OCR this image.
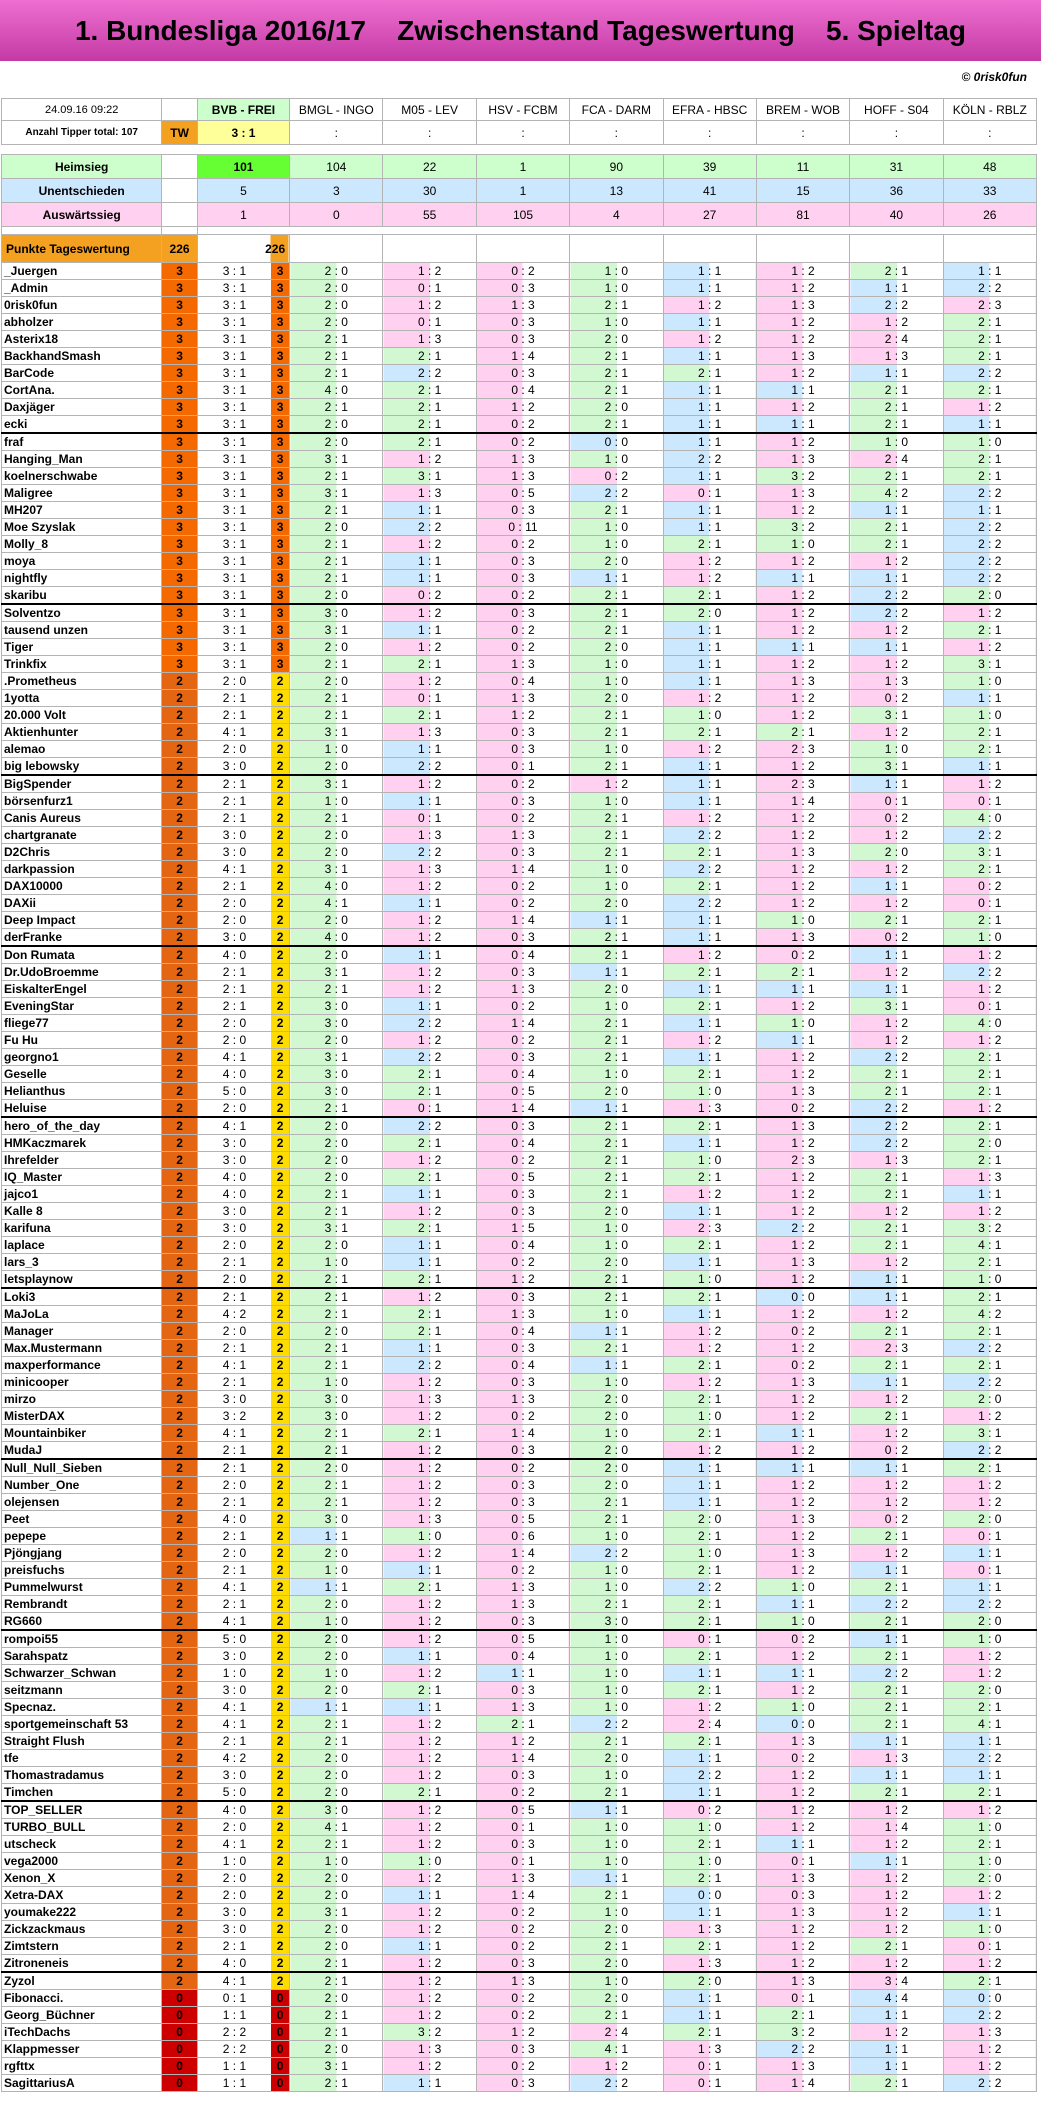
1. Bundesliga 2016/17    Zwischenstand Tageswertung    5. Spieltag
© 0risk0fun
24.09.16 09:22		BVB - FREI	BMGL - INGO	M05 - LEV	HSV - FCBM	FCA - DARM	EFRA - HBSC	BREM - WOB	HOFF - S04	KÖLN - RBLZ
Anzahl Tipper total: 107	TW	3 : 1	:	:	:	:	:	:	:	:

Heimsieg		101	104	22	1	90	39	11	31	48
Unentschieden		5	3	30	1	13	41	15	36	33
Auswärtssieg		1	0	55	105	4	27	81	40	26

Punkte Tageswertung	226	226								
_Juergen	3	3 : 1 3	2 : 0	1 : 2	0 : 2	1 : 0	1 : 1	1 : 2	2 : 1	1 : 1
_Admin	3	3 : 1 3	2 : 0	0 : 1	0 : 3	1 : 0	1 : 1	1 : 2	1 : 1	2 : 2
0risk0fun	3	3 : 1 3	2 : 0	1 : 2	1 : 3	2 : 1	1 : 2	1 : 3	2 : 2	2 : 3
abholzer	3	3 : 1 3	2 : 0	0 : 1	0 : 3	1 : 0	1 : 1	1 : 2	1 : 2	2 : 1
Asterix18	3	3 : 1 3	2 : 1	1 : 3	0 : 3	2 : 0	1 : 2	1 : 2	2 : 4	2 : 1
BackhandSmash	3	3 : 1 3	2 : 1	2 : 1	1 : 4	2 : 1	1 : 1	1 : 3	1 : 3	2 : 1
BarCode	3	3 : 1 3	2 : 1	2 : 2	0 : 3	2 : 1	2 : 1	1 : 2	1 : 1	2 : 2
CortAna.	3	3 : 1 3	4 : 0	2 : 1	0 : 4	2 : 1	1 : 1	1 : 1	2 : 1	2 : 1
Daxjäger	3	3 : 1 3	2 : 1	2 : 1	1 : 2	2 : 0	1 : 1	1 : 2	2 : 1	1 : 2
ecki	3	3 : 1 3	2 : 0	2 : 1	0 : 2	2 : 1	1 : 1	1 : 1	2 : 1	1 : 1
fraf	3	3 : 1 3	2 : 0	2 : 1	0 : 2	0 : 0	1 : 1	1 : 2	1 : 0	1 : 0
Hanging_Man	3	3 : 1 3	3 : 1	1 : 2	1 : 3	1 : 0	2 : 2	1 : 3	2 : 4	2 : 1
koelnerschwabe	3	3 : 1 3	2 : 1	3 : 1	1 : 3	0 : 2	1 : 1	3 : 2	2 : 1	2 : 1
Maligree	3	3 : 1 3	3 : 1	1 : 3	0 : 5	2 : 2	0 : 1	1 : 3	4 : 2	2 : 2
MH207	3	3 : 1 3	2 : 1	1 : 1	0 : 3	2 : 1	1 : 1	1 : 2	1 : 1	1 : 1
Moe Szyslak	3	3 : 1 3	2 : 0	2 : 2	0 : 11	1 : 0	1 : 1	3 : 2	2 : 1	2 : 2
Molly_8	3	3 : 1 3	2 : 1	1 : 2	0 : 2	1 : 0	2 : 1	1 : 0	2 : 1	2 : 2
moya	3	3 : 1 3	2 : 1	1 : 1	0 : 3	2 : 0	1 : 2	1 : 2	1 : 2	2 : 2
nightfly	3	3 : 1 3	2 : 1	1 : 1	0 : 3	1 : 1	1 : 2	1 : 1	1 : 1	2 : 2
skaribu	3	3 : 1 3	2 : 0	0 : 2	0 : 2	2 : 1	2 : 1	1 : 2	2 : 2	2 : 0
Solventzo	3	3 : 1 3	3 : 0	1 : 2	0 : 3	2 : 1	2 : 0	1 : 2	2 : 2	1 : 2
tausend unzen	3	3 : 1 3	3 : 1	1 : 1	0 : 2	2 : 1	1 : 1	1 : 2	1 : 2	2 : 1
Tiger	3	3 : 1 3	2 : 0	1 : 2	0 : 2	2 : 0	1 : 1	1 : 1	1 : 1	1 : 2
Trinkfix	3	3 : 1 3	2 : 1	2 : 1	1 : 3	1 : 0	1 : 1	1 : 2	1 : 2	3 : 1
.Prometheus	2	2 : 0 2	2 : 0	1 : 2	0 : 4	1 : 0	1 : 1	1 : 3	1 : 3	1 : 0
1yotta	2	2 : 1 2	2 : 1	0 : 1	1 : 3	2 : 0	1 : 2	1 : 2	0 : 2	1 : 1
20.000 Volt	2	2 : 1 2	2 : 1	2 : 1	1 : 2	2 : 1	1 : 0	1 : 2	3 : 1	1 : 0
Aktienhunter	2	4 : 1 2	3 : 1	1 : 3	0 : 3	2 : 1	2 : 1	2 : 1	1 : 2	2 : 1
alemao	2	2 : 0 2	1 : 0	1 : 1	0 : 3	1 : 0	1 : 2	2 : 3	1 : 0	2 : 1
big lebowsky	2	3 : 0 2	2 : 0	2 : 2	0 : 1	2 : 1	1 : 1	1 : 2	3 : 1	1 : 1
BigSpender	2	2 : 1 2	3 : 1	1 : 2	0 : 2	1 : 2	1 : 1	2 : 3	1 : 1	1 : 2
börsenfurz1	2	2 : 1 2	1 : 0	1 : 1	0 : 3	1 : 0	1 : 1	1 : 4	0 : 1	0 : 1
Canis Aureus	2	2 : 1 2	2 : 1	0 : 1	0 : 2	2 : 1	1 : 2	1 : 2	0 : 2	4 : 0
chartgranate	2	3 : 0 2	2 : 0	1 : 3	1 : 3	2 : 1	2 : 2	1 : 2	1 : 2	2 : 2
D2Chris	2	3 : 0 2	2 : 0	2 : 2	0 : 3	2 : 1	2 : 1	1 : 3	2 : 0	3 : 1
darkpassion	2	4 : 1 2	3 : 1	1 : 3	1 : 4	1 : 0	2 : 2	1 : 2	1 : 2	2 : 1
DAX10000	2	2 : 1 2	4 : 0	1 : 2	0 : 2	1 : 0	2 : 1	1 : 2	1 : 1	0 : 2
DAXii	2	2 : 0 2	4 : 1	1 : 1	0 : 2	2 : 0	2 : 2	1 : 2	1 : 2	0 : 1
Deep Impact	2	2 : 0 2	2 : 0	1 : 2	1 : 4	1 : 1	1 : 1	1 : 0	2 : 1	2 : 1
derFranke	2	3 : 0 2	4 : 0	1 : 2	0 : 3	2 : 1	1 : 1	1 : 3	0 : 2	1 : 0
Don Rumata	2	4 : 0 2	2 : 0	1 : 1	0 : 4	2 : 1	1 : 2	0 : 2	1 : 1	1 : 2
Dr.UdoBroemme	2	2 : 1 2	3 : 1	1 : 2	0 : 3	1 : 1	2 : 1	2 : 1	1 : 2	2 : 2
EiskalterEngel	2	2 : 1 2	2 : 1	1 : 2	1 : 3	2 : 0	1 : 1	1 : 1	1 : 1	1 : 2
EveningStar	2	2 : 1 2	3 : 0	1 : 1	0 : 2	1 : 0	2 : 1	1 : 2	3 : 1	0 : 1
fliege77	2	2 : 0 2	3 : 0	2 : 2	1 : 4	2 : 1	1 : 1	1 : 0	1 : 2	4 : 0
Fu Hu	2	2 : 0 2	2 : 0	1 : 2	0 : 2	2 : 1	1 : 2	1 : 1	1 : 2	1 : 2
georgno1	2	4 : 1 2	3 : 1	2 : 2	0 : 3	2 : 1	1 : 1	1 : 2	2 : 2	2 : 1
Geselle	2	4 : 0 2	3 : 0	2 : 1	0 : 4	1 : 0	2 : 1	1 : 2	2 : 1	2 : 1
Helianthus	2	5 : 0 2	3 : 0	2 : 1	0 : 5	2 : 0	1 : 0	1 : 3	2 : 1	2 : 1
Heluise	2	2 : 0 2	2 : 1	0 : 1	1 : 4	1 : 1	1 : 3	0 : 2	2 : 2	1 : 2
hero_of_the_day	2	4 : 1 2	2 : 0	2 : 2	0 : 3	2 : 1	2 : 1	1 : 3	2 : 2	2 : 1
HMKaczmarek	2	3 : 0 2	2 : 0	2 : 1	0 : 4	2 : 1	1 : 1	1 : 2	2 : 2	2 : 0
Ihrefelder	2	3 : 0 2	2 : 0	1 : 2	0 : 2	2 : 1	1 : 0	2 : 3	1 : 3	2 : 1
IQ_Master	2	4 : 0 2	2 : 0	2 : 1	0 : 5	2 : 1	2 : 1	1 : 2	2 : 1	1 : 3
jajco1	2	4 : 0 2	2 : 1	1 : 1	0 : 3	2 : 1	1 : 2	1 : 2	2 : 1	1 : 1
Kalle 8	2	3 : 0 2	2 : 1	1 : 2	0 : 3	2 : 0	1 : 1	1 : 2	1 : 2	1 : 2
karifuna	2	3 : 0 2	3 : 1	2 : 1	1 : 5	1 : 0	2 : 3	2 : 2	2 : 1	3 : 2
laplace	2	2 : 0 2	2 : 0	1 : 1	0 : 4	1 : 0	2 : 1	1 : 2	2 : 1	4 : 1
lars_3	2	2 : 1 2	1 : 0	1 : 1	0 : 2	2 : 0	1 : 1	1 : 3	1 : 2	2 : 1
letsplaynow	2	2 : 0 2	2 : 1	2 : 1	1 : 2	2 : 1	1 : 0	1 : 2	1 : 1	1 : 0
Loki3	2	2 : 1 2	2 : 1	1 : 2	0 : 3	2 : 1	2 : 1	0 : 0	1 : 1	2 : 1
MaJoLa	2	4 : 2 2	2 : 1	2 : 1	1 : 3	1 : 0	1 : 1	1 : 2	1 : 2	4 : 2
Manager	2	2 : 0 2	2 : 0	2 : 1	0 : 4	1 : 1	1 : 2	0 : 2	2 : 1	2 : 1
Max.Mustermann	2	2 : 1 2	2 : 1	1 : 1	0 : 3	2 : 1	1 : 2	1 : 2	2 : 3	2 : 2
maxperformance	2	4 : 1 2	2 : 1	2 : 2	0 : 4	1 : 1	2 : 1	0 : 2	2 : 1	2 : 1
minicooper	2	2 : 1 2	1 : 0	1 : 2	0 : 3	1 : 0	1 : 2	1 : 3	1 : 1	2 : 2
mirzo	2	3 : 0 2	3 : 0	1 : 3	1 : 3	2 : 0	2 : 1	1 : 2	1 : 2	2 : 0
MisterDAX	2	3 : 2 2	3 : 0	1 : 2	0 : 2	2 : 0	1 : 0	1 : 2	2 : 1	1 : 2
Mountainbiker	2	4 : 1 2	2 : 1	2 : 1	1 : 4	1 : 0	2 : 1	1 : 1	1 : 2	3 : 1
MudaJ	2	2 : 1 2	2 : 1	1 : 2	0 : 3	2 : 0	1 : 2	1 : 2	0 : 2	2 : 2
Null_Null_Sieben	2	2 : 1 2	2 : 0	1 : 2	0 : 2	2 : 0	1 : 1	1 : 1	1 : 1	2 : 1
Number_One	2	2 : 0 2	2 : 1	1 : 2	0 : 3	2 : 0	1 : 1	1 : 2	1 : 2	1 : 2
olejensen	2	2 : 1 2	2 : 1	1 : 2	0 : 3	2 : 1	1 : 1	1 : 2	1 : 2	1 : 2
Peet	2	4 : 0 2	3 : 0	1 : 3	0 : 5	2 : 1	2 : 0	1 : 3	0 : 2	2 : 0
pepepe	2	2 : 1 2	1 : 1	1 : 0	0 : 6	1 : 0	2 : 1	1 : 2	2 : 1	0 : 1
Pjöngjang	2	2 : 0 2	2 : 0	1 : 2	1 : 4	2 : 2	1 : 0	1 : 3	1 : 2	1 : 1
preisfuchs	2	2 : 1 2	1 : 0	1 : 1	0 : 2	1 : 0	2 : 1	1 : 2	1 : 1	0 : 1
Pummelwurst	2	4 : 1 2	1 : 1	2 : 1	1 : 3	1 : 0	2 : 2	1 : 0	2 : 1	1 : 1
Rembrandt	2	2 : 1 2	2 : 0	1 : 2	1 : 3	2 : 1	2 : 1	1 : 1	2 : 2	2 : 2
RG660	2	4 : 1 2	1 : 0	1 : 2	0 : 3	3 : 0	2 : 1	1 : 0	2 : 1	2 : 0
rompoi55	2	5 : 0 2	2 : 0	1 : 2	0 : 5	1 : 0	0 : 1	0 : 2	1 : 1	1 : 0
Sarahspatz	2	3 : 0 2	2 : 0	1 : 1	0 : 4	1 : 0	2 : 1	1 : 2	2 : 1	1 : 2
Schwarzer_Schwan	2	1 : 0 2	1 : 0	1 : 2	1 : 1	1 : 0	1 : 1	1 : 1	2 : 2	1 : 2
seitzmann	2	3 : 0 2	2 : 0	2 : 1	0 : 3	1 : 0	2 : 1	1 : 2	2 : 1	2 : 0
Specnaz.	2	4 : 1 2	1 : 1	1 : 1	1 : 3	1 : 0	1 : 2	1 : 0	2 : 1	2 : 1
sportgemeinschaft 53	2	4 : 1 2	2 : 1	1 : 2	2 : 1	2 : 2	2 : 4	0 : 0	2 : 1	4 : 1
Straight Flush	2	2 : 1 2	2 : 1	1 : 2	1 : 2	2 : 1	2 : 1	1 : 3	1 : 1	1 : 1
tfe	2	4 : 2 2	2 : 0	1 : 2	1 : 4	2 : 0	1 : 1	0 : 2	1 : 3	2 : 2
Thomastradamus	2	3 : 0 2	2 : 0	1 : 2	0 : 3	1 : 0	2 : 2	1 : 2	1 : 1	1 : 1
Timchen	2	5 : 0 2	2 : 0	2 : 1	0 : 2	2 : 1	1 : 1	1 : 2	2 : 1	2 : 1
TOP_SELLER	2	4 : 0 2	3 : 0	1 : 2	0 : 5	1 : 1	0 : 2	1 : 2	1 : 2	1 : 2
TURBO_BULL	2	2 : 0 2	4 : 1	1 : 2	0 : 1	1 : 0	1 : 0	1 : 2	1 : 4	1 : 0
utscheck	2	4 : 1 2	2 : 1	1 : 2	0 : 3	1 : 0	2 : 1	1 : 1	1 : 2	2 : 1
vega2000	2	1 : 0 2	1 : 0	1 : 0	0 : 1	1 : 0	1 : 0	0 : 1	1 : 1	1 : 0
Xenon_X	2	2 : 0 2	2 : 0	1 : 2	1 : 3	1 : 1	2 : 1	1 : 3	1 : 2	2 : 0
Xetra-DAX	2	2 : 0 2	2 : 0	1 : 1	1 : 4	2 : 1	0 : 0	0 : 3	1 : 2	1 : 2
youmake222	2	3 : 0 2	3 : 1	1 : 2	0 : 2	1 : 0	1 : 1	1 : 3	1 : 2	1 : 1
Zickzackmaus	2	3 : 0 2	2 : 0	1 : 2	0 : 2	2 : 0	1 : 3	1 : 2	1 : 2	1 : 0
Zimtstern	2	2 : 1 2	2 : 0	1 : 1	0 : 2	2 : 1	2 : 1	1 : 2	2 : 1	0 : 1
Zitroneneis	2	4 : 0 2	2 : 1	1 : 2	0 : 3	2 : 0	1 : 3	1 : 2	1 : 2	1 : 2
Zyzol	2	4 : 1 2	2 : 1	1 : 2	1 : 3	1 : 0	2 : 0	1 : 3	3 : 4	2 : 1
Fibonacci.	0	0 : 1 0	2 : 0	1 : 2	0 : 2	2 : 0	1 : 1	0 : 1	4 : 4	0 : 0
Georg_Büchner	0	1 : 1 0	2 : 1	1 : 2	0 : 2	2 : 1	1 : 1	2 : 1	1 : 1	2 : 2
iTechDachs	0	2 : 2 0	2 : 1	3 : 2	1 : 2	2 : 4	2 : 1	3 : 2	1 : 2	1 : 3
Klappmesser	0	2 : 2 0	2 : 0	1 : 3	0 : 3	4 : 1	1 : 3	2 : 2	1 : 1	1 : 2
rgfttx	0	1 : 1 0	3 : 1	1 : 2	0 : 2	1 : 2	0 : 1	1 : 3	1 : 1	1 : 2
SagittariusA	0	1 : 1 0	2 : 1	1 : 1	0 : 3	2 : 2	0 : 1	1 : 4	2 : 1	2 : 2
